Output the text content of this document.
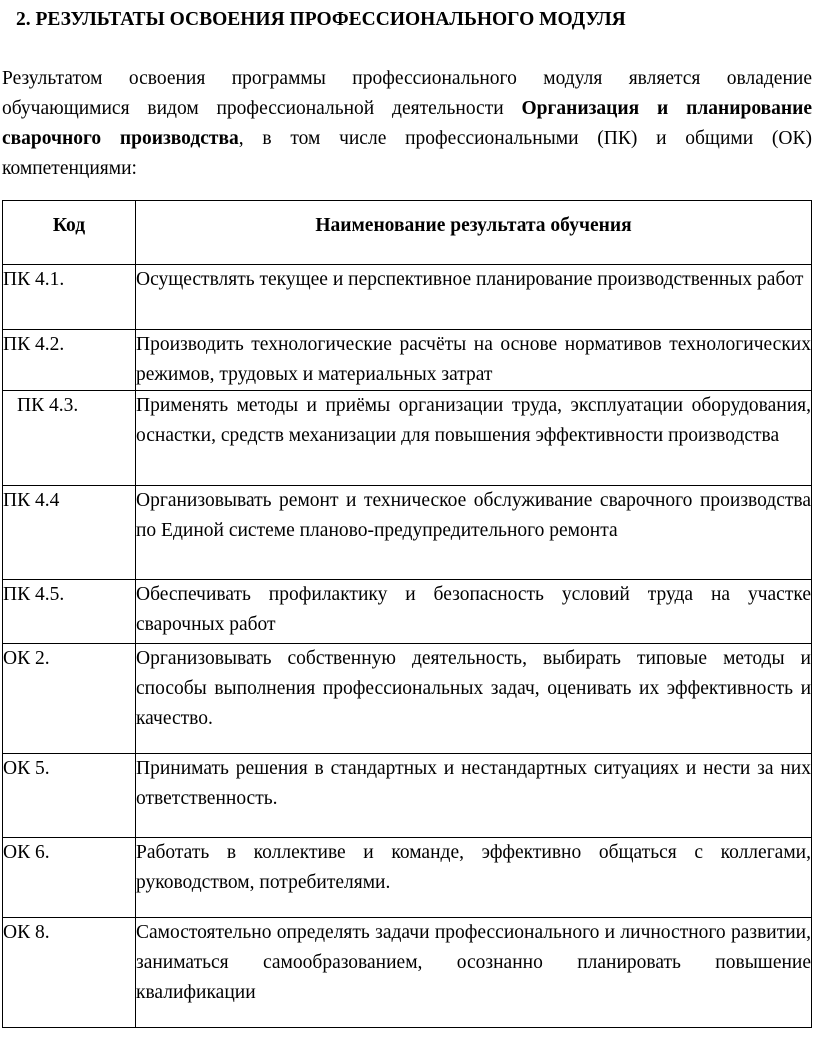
2. РЕЗУЛЬТАТЫ ОСВОЕНИЯ ПРОФЕССИОНАЛЬНОГО МОДУЛЯ

Результатом освоения программы профессионального модуля является овладение обучающимися видом профессиональной деятельности Организация и планирование сварочного производства, в том числе профессиональными (ПК) и общими (ОК) компетенциями:

Код	Наименование результата обучения
ПК 4.1.	Осуществлять текущее и перспективное планирование производственных работ
ПК 4.2.	Производить технологические расчёты на основе нормативов технологических режимов, трудовых и материальных затрат
ПК 4.3.	Применять методы и приёмы организации труда, эксплуатации оборудования, оснастки, средств механизации для повышения эффективности производства
ПК 4.4	Организовывать ремонт и техническое обслуживание сварочного производства по Единой системе планово-предупредительного ремонта
ПК 4.5.	Обеспечивать профилактику и безопасность условий труда на участке сварочных работ
ОК 2.	Организовывать собственную деятельность, выбирать типовые методы и способы выполнения профессиональных задач, оценивать их эффективность и качество.
ОК 5.	Принимать решения в стандартных и нестандартных ситуациях и нести за них ответственность.
ОК 6.	Работать в коллективе и команде, эффективно общаться с коллегами, руководством, потребителями.
ОК 8.	Самостоятельно определять задачи профессионального и личностного развитии, заниматься самообразованием, осознанно планировать повышение квалификации
